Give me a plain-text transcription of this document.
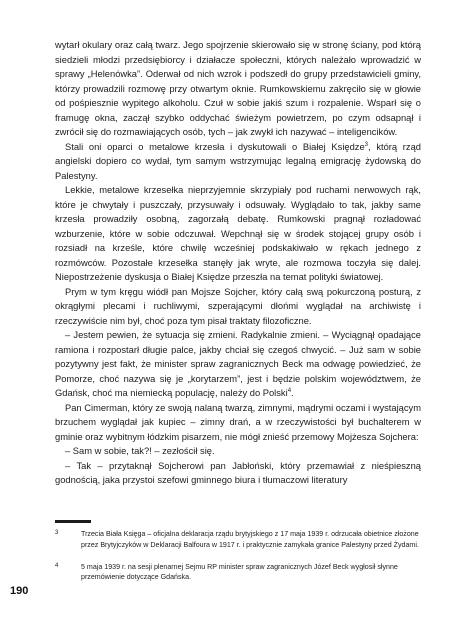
wytarł okulary oraz całą twarz. Jego spojrzenie skierowało się w stronę ściany, pod którą siedzieli młodzi przedsiębiorcy i działacze społeczni, których należało wprowadzić w sprawy „Helenówka”. Oderwał od nich wzrok i podszedł do grupy przedstawicieli gminy, którzy prowadzili rozmowę przy otwartym oknie. Rumkowskiemu zakręciło się w głowie od pośpiesznie wypitego alkoholu. Czuł w sobie jakiś szum i rozpalenie. Wsparł się o framugę okna, zaczął szybko oddychać świeżym powietrzem, po czym odsapnął i zwrócił się do rozmawiających osób, tych – jak zwykł ich nazywać – inteligencików.

Stali oni oparci o metalowe krzesła i dyskutowali o Białej Księdze$^3$, którą rząd angielski dopiero co wydał, tym samym wstrzymując legalną emigrację żydowską do Palestyny.

Lekkie, metalowe krzesełka nieprzyjemnie skrzypiały pod ruchami nerwowych rąk, które je chwytały i puszczały, przysuwały i odsuwały. Wyglądało to tak, jakby same krzesła prowadziły osobną, zagorzałą debatę. Rumkowski pragnął rozładować wzburzenie, które w sobie odczuwał. Wepchnął się w środek stojącej grupy osób i rozsiadł na krześle, które chwilę wcześniej podskakiwało w rękach jednego z rozmówców. Pozostałe krzesełka stanęły jak wryte, ale rozmowa toczyła się dalej. Niepostrzeżenie dyskusja o Białej Księdze przeszła na temat polityki światowej.

Prym w tym kręgu wiódł pan Mojsze Sojcher, który całą swą pokurczoną posturą, z okrągłymi plecami i ruchliwymi, szperającymi dłońmi wyglądał na archiwistę i rzeczywiście nim był, choć poza tym pisał traktaty filozoficzne.

– Jestem pewien, że sytuacja się zmieni. Radykalnie zmieni. – Wyciągnął opadające ramiona i rozpostarł długie palce, jakby chciał się czegoś chwycić. – Już sam w sobie pozytywny jest fakt, że minister spraw zagranicznych Beck ma odwagę powiedzieć, że Pomorze, choć nazywa się je „korytarzem”, jest i będzie polskim województwem, że Gdańsk, choć ma niemiecką populację, należy do Polski$^4$.

Pan Cimerman, który ze swoją nalaną twarzą, zimnymi, mądrymi oczami i wystającym brzuchem wyglądał jak kupiec – zimny drań, a w rzeczywistości był buchalterem w gminie oraz wybitnym łódzkim pisarzem, nie mógł znieść przemowy Mojżesza Sojchera:

– Sam w sobie, tak?! – zezłościł się.

– Tak – przytaknął Sojcherowi pan Jabłoński, który przemawiał z nieśpieszną godnością, jaka przystoi szefowi gminnego biura i tłumaczowi literatury

3	Trzecia Biała Księga – oficjalna deklaracja rządu brytyjskiego z 17 maja 1939 r. odrzucała obietnice złożone przez Brytyjczyków w Deklaracji Balfoura w 1917 r. i praktycznie zamykała granice Palestyny przed Żydami.
4	5 maja 1939 r. na sesji plenarnej Sejmu RP minister spraw zagranicznych Józef Beck wygłosił słynne przemówienie dotyczące Gdańska.
190
